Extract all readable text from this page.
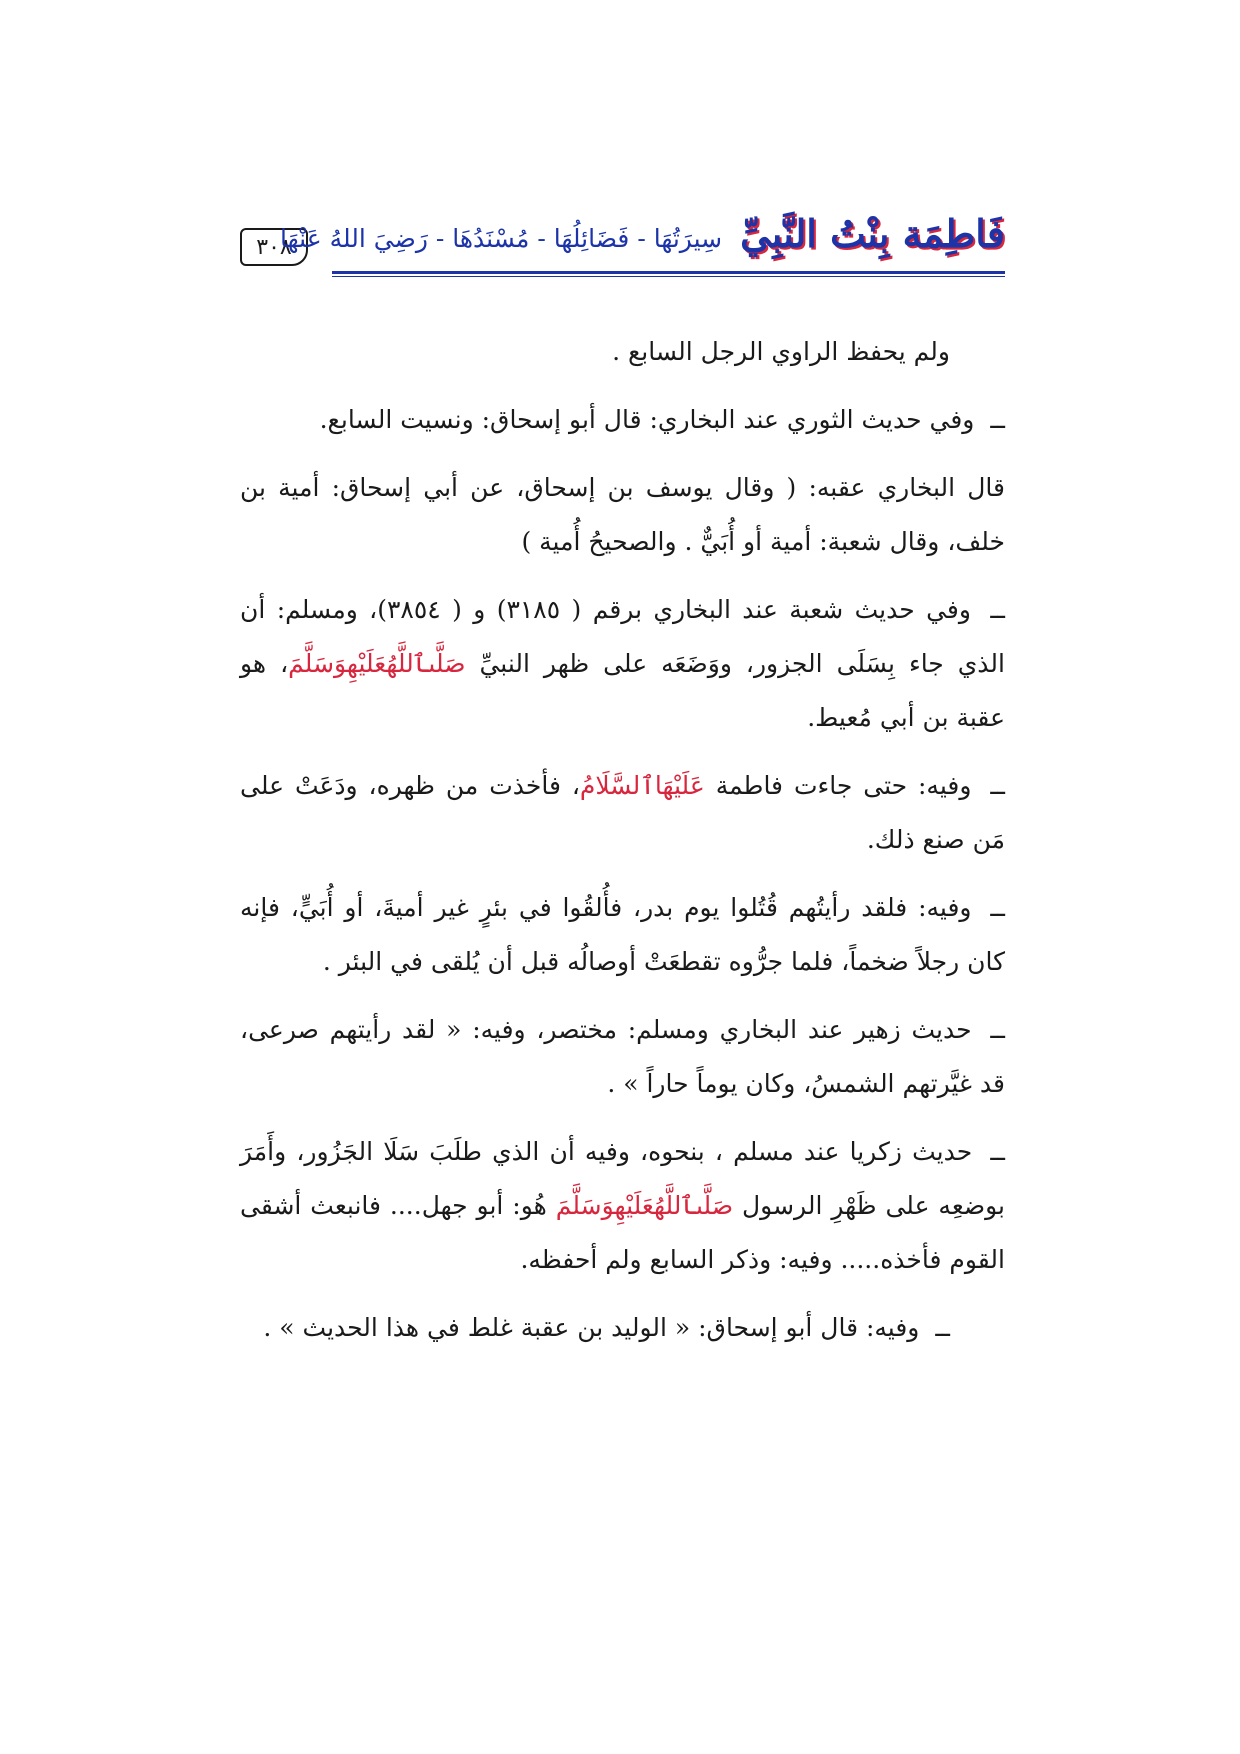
٣٠٨	فَاطِمَة بِنْتُ النَّبِيِّ
سِيرَتُهَا - فَضَائِلُهَا - مُسْنَدُهَا - رَضِيَ اللهُ عَنْهَا

ولم يحفظ الراوي الرجل السابع .

ــ وفي حديث الثوري عند البخاري: قال أبو إسحاق: ونسيت السابع.

قال البخاري عقبه: ( وقال يوسف بن إسحاق، عن أبي إسحاق: أمية بن خلف، وقال شعبة: أمية أو أُبَيٌّ . والصحيحُ أُمية )

ــ وفي حديث شعبة عند البخاري برقم ( ٣١٨٥) و ( ٣٨٥٤)، ومسلم: أن الذي جاء بِسَلَى الجزور، ووَضَعَه على ظهر النبيِّ صَلَّىٱللَّهُعَلَيْهِوَسَلَّمَ، هو عقبة بن أبي مُعيط.

ــ وفيه: حتى جاءت فاطمة عَلَيْهَاٱلسَّلَامُ، فأخذت من ظهره، ودَعَتْ على مَن صنع ذلك.

ــ وفيه: فلقد رأيتُهم قُتُلوا يوم بدر، فأُلقُوا في بئرٍ غير أميةَ، أو أُبَيٍّ، فإنه كان رجلاً ضخماً، فلما جرُّوه تقطعَتْ أوصالُه قبل أن يُلقى في البئر .

ــ حديث زهير عند البخاري ومسلم: مختصر، وفيه: « لقد رأيتهم صرعى، قد غيَّرتهم الشمسُ، وكان يوماً حاراً » .

ــ حديث زكريا عند مسلم ، بنحوه، وفيه أن الذي طلَبَ سَلَا الجَزُور، وأَمَرَ بوضعِه على ظَهْرِ الرسول صَلَّىٱللَّهُعَلَيْهِوَسَلَّمَ هُو: أبو جهل.... فانبعث أشقى القوم فأخذه..... وفيه: وذكر السابع ولم أحفظه.

ــ وفيه: قال أبو إسحاق: « الوليد بن عقبة غلط في هذا الحديث » .
